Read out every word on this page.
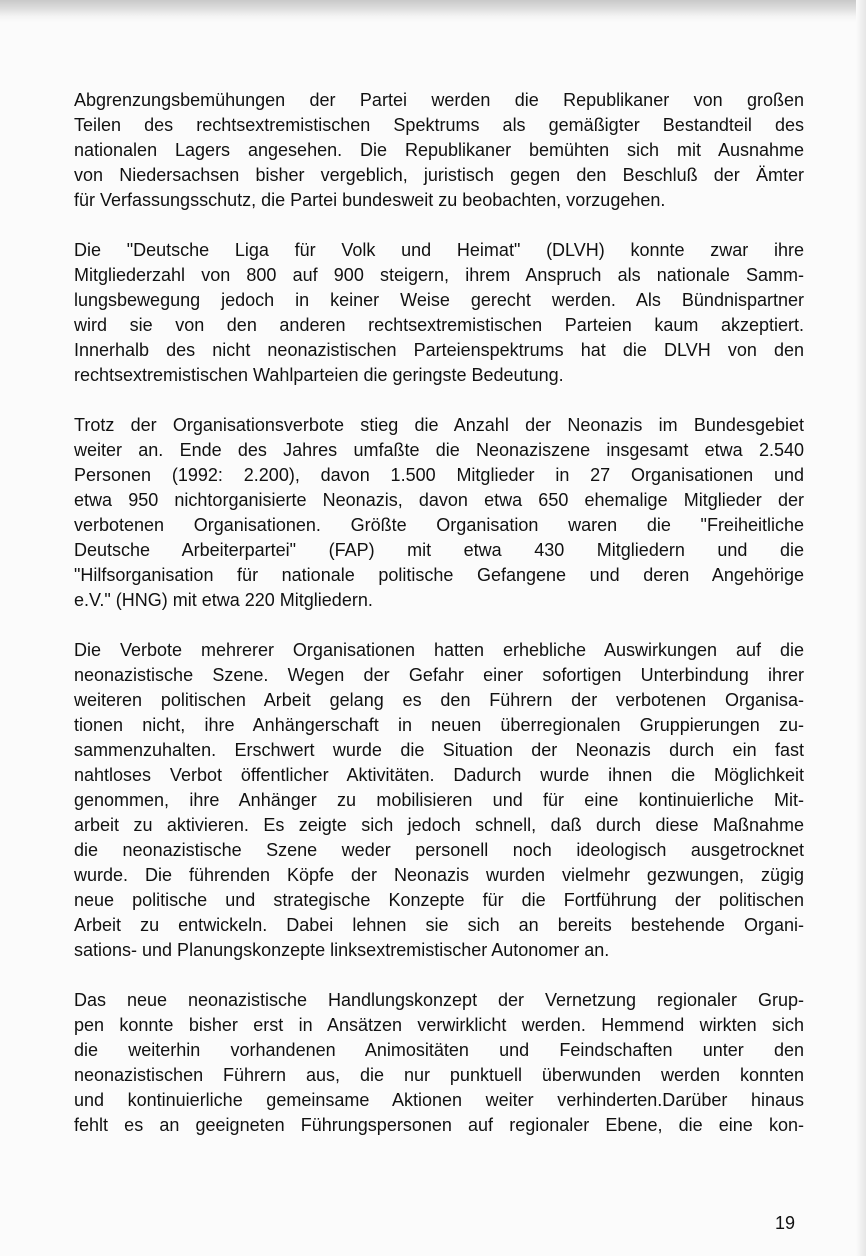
Abgrenzungsbemühungen der Partei werden die Republikaner von großen
Teilen des rechtsextremistischen Spektrums als gemäßigter Bestandteil des
nationalen Lagers angesehen. Die Republikaner bemühten sich mit Ausnahme
von Niedersachsen bisher vergeblich, juristisch gegen den Beschluß der Ämter
für Verfassungsschutz, die Partei bundesweit zu beobachten, vorzugehen.

Die "Deutsche Liga für Volk und Heimat" (DLVH) konnte zwar ihre
Mitgliederzahl von 800 auf 900 steigern, ihrem Anspruch als nationale Samm-
lungsbewegung jedoch in keiner Weise gerecht werden. Als Bündnispartner
wird sie von den anderen rechtsextremistischen Parteien kaum akzeptiert.
Innerhalb des nicht neonazistischen Parteienspektrums hat die DLVH von den
rechtsextremistischen Wahlparteien die geringste Bedeutung.

Trotz der Organisationsverbote stieg die Anzahl der Neonazis im Bundesgebiet
weiter an. Ende des Jahres umfaßte die Neonaziszene insgesamt etwa 2.540
Personen (1992: 2.200), davon 1.500 Mitglieder in 27 Organisationen und
etwa 950 nichtorganisierte Neonazis, davon etwa 650 ehemalige Mitglieder der
verbotenen Organisationen. Größte Organisation waren die "Freiheitliche
Deutsche Arbeiterpartei" (FAP) mit etwa 430 Mitgliedern und die
"Hilfsorganisation für nationale politische Gefangene und deren Angehörige
e.V." (HNG) mit etwa 220 Mitgliedern.

Die Verbote mehrerer Organisationen hatten erhebliche Auswirkungen auf die
neonazistische Szene. Wegen der Gefahr einer sofortigen Unterbindung ihrer
weiteren politischen Arbeit gelang es den Führern der verbotenen Organisa-
tionen nicht, ihre Anhängerschaft in neuen überregionalen Gruppierungen zu-
sammenzuhalten. Erschwert wurde die Situation der Neonazis durch ein fast
nahtloses Verbot öffentlicher Aktivitäten. Dadurch wurde ihnen die Möglichkeit
genommen, ihre Anhänger zu mobilisieren und für eine kontinuierliche Mit-
arbeit zu aktivieren. Es zeigte sich jedoch schnell, daß durch diese Maßnahme
die neonazistische Szene weder personell noch ideologisch ausgetrocknet
wurde. Die führenden Köpfe der Neonazis wurden vielmehr gezwungen, zügig
neue politische und strategische Konzepte für die Fortführung der politischen
Arbeit zu entwickeln. Dabei lehnen sie sich an bereits bestehende Organi-
sations- und Planungskonzepte linksextremistischer Autonomer an.

Das neue neonazistische Handlungskonzept der Vernetzung regionaler Grup-
pen konnte bisher erst in Ansätzen verwirklicht werden. Hemmend wirkten sich
die weiterhin vorhandenen Animositäten und Feindschaften unter den
neonazistischen Führern aus, die nur punktuell überwunden werden konnten
und kontinuierliche gemeinsame Aktionen weiter verhinderten.Darüber hinaus
fehlt es an geeigneten Führungspersonen auf regionaler Ebene, die eine kon-

19
